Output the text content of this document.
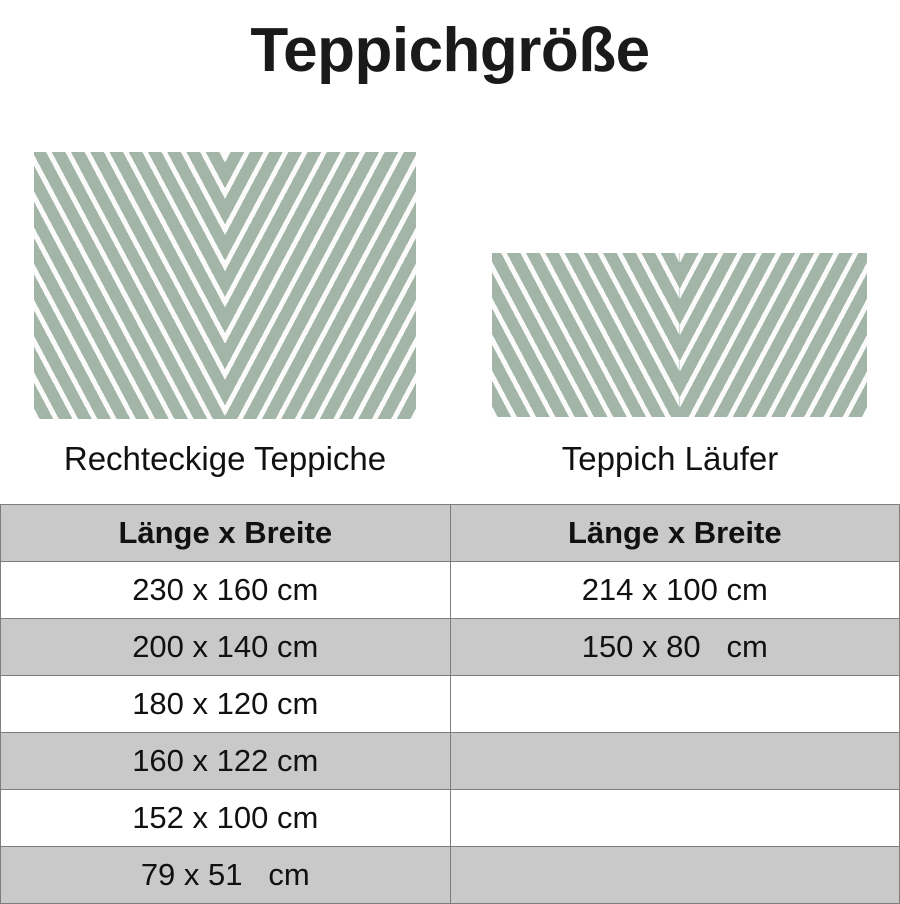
Teppichgröße
Rechteckige Teppiche	Teppich Läufer
Länge x Breite	Länge x Breite
230 x 160 cm	214 x 100 cm
200 x 140 cm	150 x 80   cm
180 x 120 cm	
160 x 122 cm	
152 x 100 cm	
79 x 51   cm	
